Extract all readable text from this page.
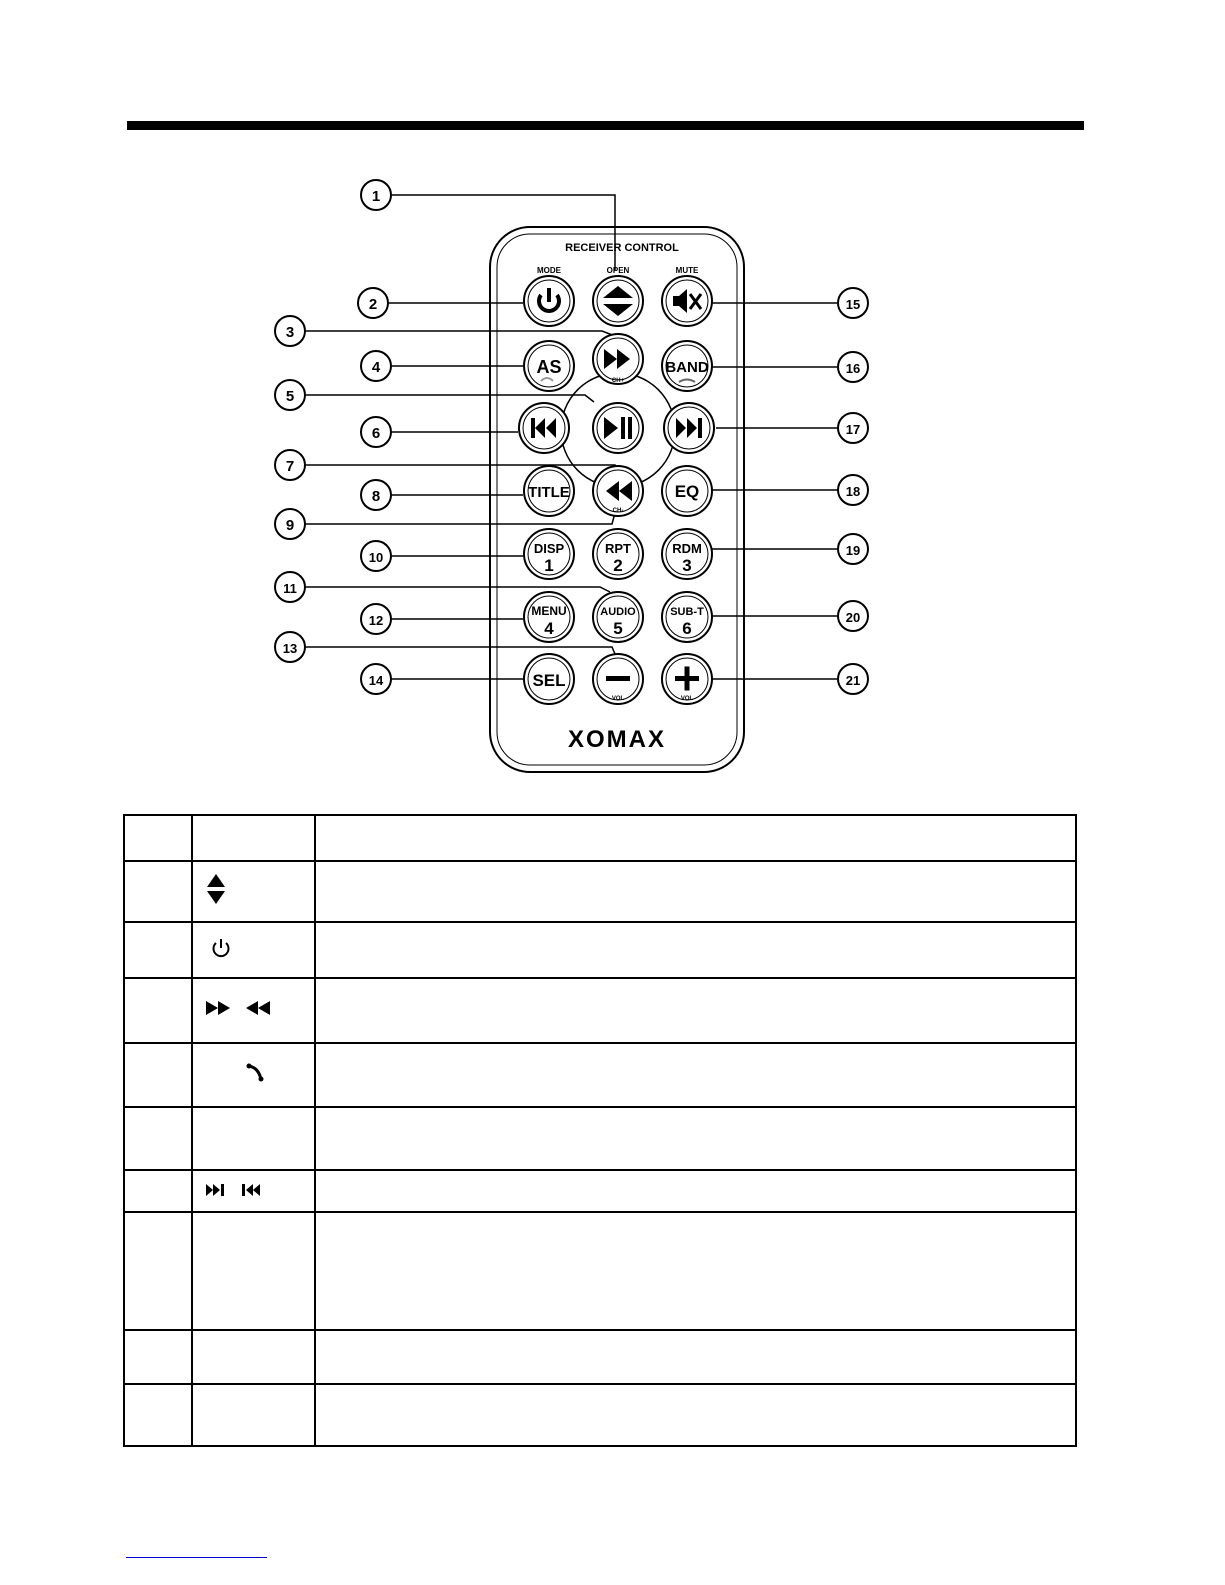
RECEIVER CONTROL
XOMAX
MODE	OPEN	MUTE
AS
CH+
BAND
TITLE
CH-
EQ
DISP
1
RPT
2
RDM
3
MENU
4
AUDIO
5
SUB-T
6
SEL
VOL	VOL
1
2
3
4
5
6
7
8
9
10
11
12
13
14
15
16
17
18
19
20
21
